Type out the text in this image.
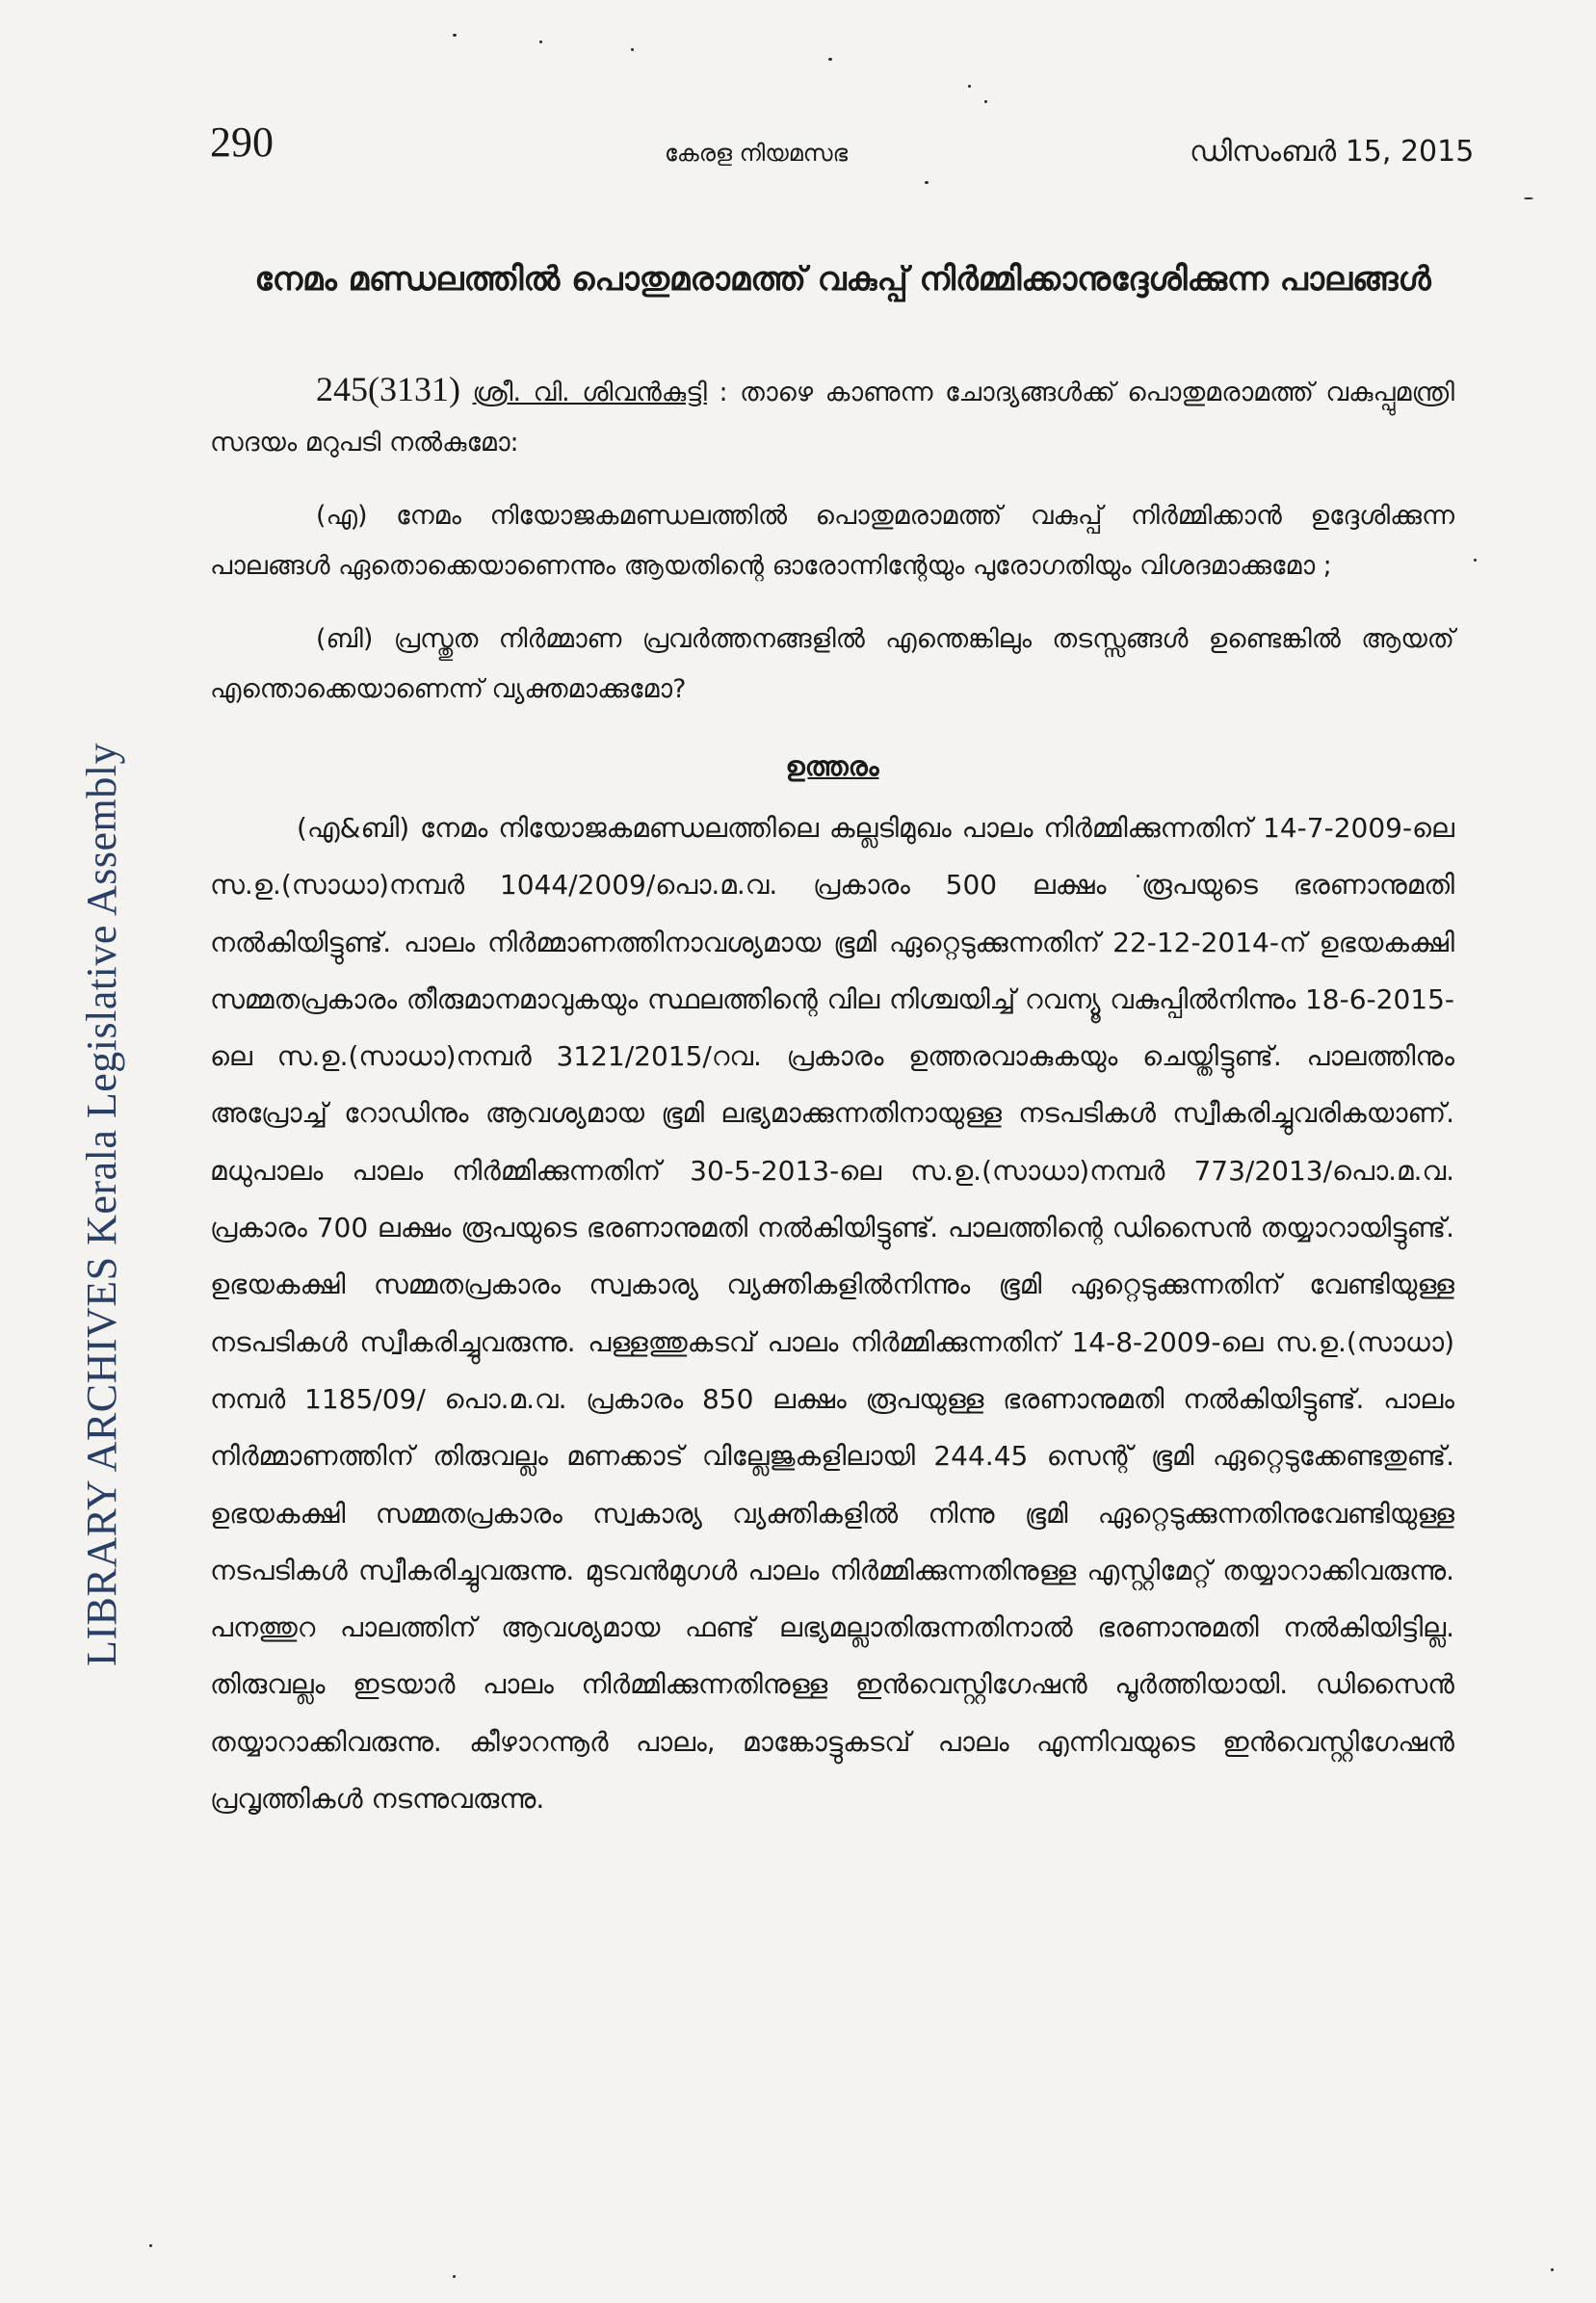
290	കേരള നിയമസഭ	ഡിസംബർ 15, 2015
LIBRARY ARCHIVES Kerala Legislative Assembly
നേമം മണ്ഡലത്തിൽ പൊതുമരാമത്ത് വകുപ്പ് നിർമ്മിക്കാനുദ്ദേശിക്കുന്ന പാലങ്ങൾ

245(3131) ശ്രീ. വി. ശിവൻകുട്ടി : താഴെ കാണുന്ന ചോദ്യങ്ങൾക്ക് പൊതുമരാമത്ത് വകുപ്പുമന്ത്രി സദയം മറുപടി നൽകുമോ:

(എ) നേമം നിയോജകമണ്ഡലത്തിൽ പൊതുമരാമത്ത് വകുപ്പ് നിർമ്മിക്കാൻ ഉദ്ദേശിക്കുന്ന പാലങ്ങൾ ഏതൊക്കെയാണെന്നും ആയതിന്റെ ഓരോന്നിന്റേയും പുരോഗതിയും വിശദമാക്കുമോ ;

(ബി) പ്രസ്തുത നിർമ്മാണ പ്രവർത്തനങ്ങളിൽ എന്തെങ്കിലും തടസ്സങ്ങൾ ഉണ്ടെങ്കിൽ ആയത് എന്തൊക്കെയാണെന്ന് വ്യക്തമാക്കുമോ?

ഉത്തരം

(എ&ബി) നേമം നിയോജകമണ്ഡലത്തിലെ കല്ലടിമുഖം പാലം നിർമ്മിക്കുന്നതിന് 14-7-2009-ലെ സ.ഉ.(സാധാ)നമ്പർ 1044/2009/പൊ.മ.വ. പ്രകാരം 500 ലക്ഷം രൂപയുടെ ഭരണാനുമതി നൽകിയിട്ടുണ്ട്. പാലം നിർമ്മാണത്തിനാവശ്യമായ ഭൂമി ഏറ്റെടുക്കുന്നതിന് 22-12-2014-ന് ഉഭയകക്ഷി സമ്മതപ്രകാരം തീരുമാനമാവുകയും സ്ഥലത്തിന്റെ വില നിശ്ചയിച്ച് റവന്യൂ വകുപ്പിൽനിന്നും 18-6-2015-ലെ സ.ഉ.(സാധാ)നമ്പർ 3121/2015/റവ. പ്രകാരം ഉത്തരവാകുകയും ചെയ്തിട്ടുണ്ട്. പാലത്തിനും അപ്രോച്ച് റോഡിനും ആവശ്യമായ ഭൂമി ലഭ്യമാക്കുന്നതിനായുള്ള നടപടികൾ സ്വീകരിച്ചുവരികയാണ്. മധുപാലം പാലം നിർമ്മിക്കുന്നതിന് 30-5-2013-ലെ സ.ഉ.(സാധാ)നമ്പർ 773/2013/പൊ.മ.വ. പ്രകാരം 700 ലക്ഷം രൂപയുടെ ഭരണാനുമതി നൽകിയിട്ടുണ്ട്. പാലത്തിന്റെ ഡിസൈൻ തയ്യാറായിട്ടുണ്ട്. ഉഭയകക്ഷി സമ്മതപ്രകാരം സ്വകാര്യ വ്യക്തികളിൽനിന്നും ഭൂമി ഏറ്റെടുക്കുന്നതിന് വേണ്ടിയുള്ള നടപടികൾ സ്വീകരിച്ചുവരുന്നു. പള്ളത്തുകടവ് പാലം നിർമ്മിക്കുന്നതിന് 14-8-2009-ലെ സ.ഉ.(സാധാ) നമ്പർ 1185/09/ പൊ.മ.വ. പ്രകാരം 850 ലക്ഷം രൂപയുള്ള ഭരണാനുമതി നൽകിയിട്ടുണ്ട്. പാലം നിർമ്മാണത്തിന് തിരുവല്ലം മണക്കാട് വില്ലേജുകളിലായി 244.45 സെന്റ് ഭൂമി ഏറ്റെടുക്കേണ്ടതുണ്ട്. ഉഭയകക്ഷി സമ്മതപ്രകാരം സ്വകാര്യ വ്യക്തികളിൽ നിന്നു ഭൂമി ഏറ്റെടുക്കുന്നതിനുവേണ്ടിയുള്ള നടപടികൾ സ്വീകരിച്ചുവരുന്നു. മുടവൻമുഗൾ പാലം നിർമ്മിക്കുന്നതിനുള്ള എസ്റ്റിമേറ്റ് തയ്യാറാക്കിവരുന്നു. പനത്തുറ പാലത്തിന് ആവശ്യമായ ഫണ്ട് ലഭ്യമല്ലാതിരുന്നതിനാൽ ഭരണാനുമതി നൽകിയിട്ടില്ല. തിരുവല്ലം ഇടയാർ പാലം നിർമ്മിക്കുന്നതിനുള്ള ഇൻവെസ്റ്റിഗേഷൻ പൂർത്തിയായി. ഡിസൈൻ തയ്യാറാക്കിവരുന്നു. കീഴാറന്നൂർ പാലം, മാങ്കോട്ടുകടവ് പാലം എന്നിവയുടെ ഇൻവെസ്റ്റിഗേഷൻ പ്രവൃത്തികൾ നടന്നുവരുന്നു.
